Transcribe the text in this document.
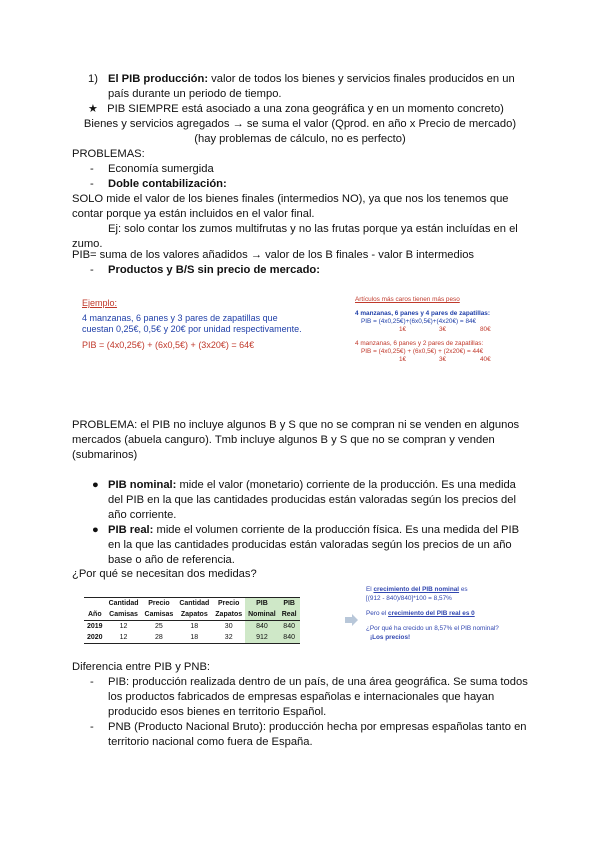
1) El PIB producción: valor de todos los bienes y servicios finales producidos en un
país durante un periodo de tiempo.
★ PIB SIEMPRE está asociado a una zona geográfica y en un momento concreto)
Bienes y servicios agregados → se suma el valor (Qprod. en año x Precio de mercado)
(hay problemas de cálculo, no es perfecto)
PROBLEMAS:
- Economía sumergida
- Doble contabilización:
SOLO mide el valor de los bienes finales (intermedios NO), ya que nos los tenemos que
contar porque ya están incluidos en el valor final.
Ej: solo contar los zumos multifrutas y no las frutas porque ya están incluídas en el
zumo.
PIB= suma de los valores añadidos → valor de los B finales - valor B intermedios
- Productos y B/S sin precio de mercado:
Ejemplo:
4 manzanas, 6 panes y 3 pares de zapatillas que
cuestan 0,25€, 0,5€ y 20€ por unidad respectivamente.
PIB = (4x0,25€) + (6x0,5€) + (3x20€) = 64€
Artículos más caros tienen más peso
4 manzanas, 6 panes y 4 pares de zapatillas:
PIB = (4x0,25€)+(6x0,5€)+(4x20€) = 84€
1€	3€	80€
4 manzanas, 6 panes y 2 pares de zapatillas:
PIB = (4x0,25€) + (6x0,5€) + (2x20€) = 44€
1€	3€	40€
PROBLEMA: el PIB no incluye algunos B y S que no se compran ni se venden en algunos
mercados (abuela canguro). Tmb incluye algunos B y S que no se compran y venden
(submarinos)
● PIB nominal: mide el valor (monetario) corriente de la producción. Es una medida
del PIB en la que las cantidades producidas están valoradas según los precios del
año corriente.
● PIB real: mide el volumen corriente de la producción física. Es una medida del PIB
en la que las cantidades producidas están valoradas según los precios de un año
base o año de referencia.
¿Por qué se necesitan dos medidas?
	Cantidad	Precio	Cantidad	Precio	PIB	PIB
Año	Camisas	Camisas	Zapatos	Zapatos	Nominal	Real
2019	12	25	18	30	840	840
2020	12	28	18	32	912	840
El crecimiento del PIB nominal es
[(912 - 840)/840]*100 = 8,57%
Pero el crecimiento del PIB real es 0
¿Por qué ha crecido un 8,57% el PIB nominal?
¡Los precios!
Diferencia entre PIB y PNB:
- PIB: producción realizada dentro de un país, de una área geográfica. Se suma todos
los productos fabricados de empresas españolas e internacionales que hayan
producido esos bienes en territorio Español.
- PNB (Producto Nacional Bruto): producción hecha por empresas españolas tanto en
territorio nacional como fuera de España.
